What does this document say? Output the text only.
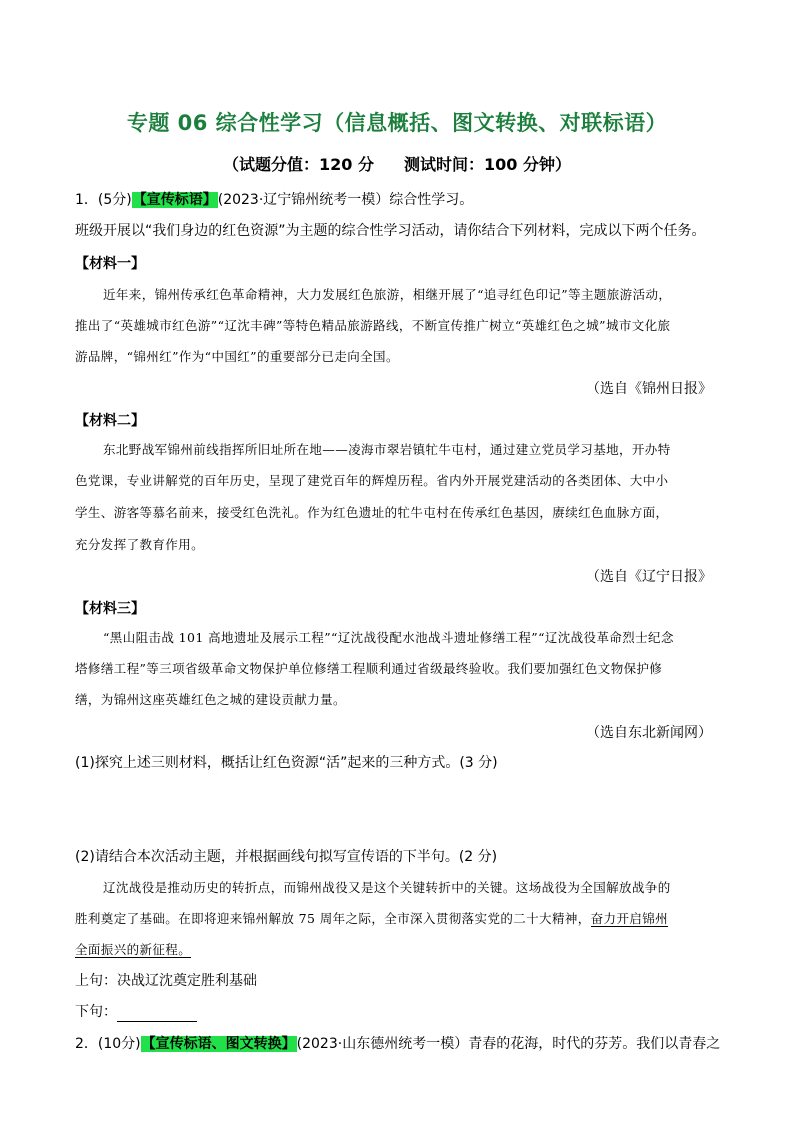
专题 06 综合性学习（信息概括、图文转换、对联标语）
（试题分值：120 分 测试时间：100 分钟）
1．(5分)【宣传标语】(2023·辽宁锦州统考一模）综合性学习。
班级开展以“我们身边的红色资源”为主题的综合性学习活动，请你结合下列材料，完成以下两个任务。
【材料一】
近年来，锦州传承红色革命精神，大力发展红色旅游，相继开展了“追寻红色印记”等主题旅游活动，
推出了“英雄城市红色游”“辽沈丰碑”等特色精品旅游路线，不断宣传推广树立“英雄红色之城”城市文化旅
游品牌，“锦州红”作为“中国红”的重要部分已走向全国。
（选自《锦州日报》
【材料二】
东北野战军锦州前线指挥所旧址所在地——凌海市翠岩镇牤牛屯村，通过建立党员学习基地，开办特
色党课，专业讲解党的百年历史，呈现了建党百年的辉煌历程。省内外开展党建活动的各类团体、大中小
学生、游客等慕名前来，接受红色洗礼。作为红色遗址的牤牛屯村在传承红色基因，赓续红色血脉方面，
充分发挥了教育作用。
（选自《辽宁日报》
【材料三】
“黑山阻击战 101 高地遗址及展示工程”“辽沈战役配水池战斗遗址修缮工程”“辽沈战役革命烈士纪念
塔修缮工程”等三项省级革命文物保护单位修缮工程顺利通过省级最终验收。我们要加强红色文物保护修
缮，为锦州这座英雄红色之城的建设贡献力量。
（选自东北新闻网）
(1)探究上述三则材料，概括让红色资源“活”起来的三种方式。(3 分)
(2)请结合本次活动主题，并根据画线句拟写宣传语的下半句。(2 分)
辽沈战役是推动历史的转折点，而锦州战役又是这个关键转折中的关键。这场战役为全国解放战争的
胜利奠定了基础。在即将迎来锦州解放 75 周年之际，全市深入贯彻落实党的二十大精神，奋力开启锦州
全面振兴的新征程。
上句：决战辽沈奠定胜利基础
下句：
2．(10分)【宣传标语、图文转换】(2023·山东德州统考一模）青春的花海，时代的芬芳。我们以青春之
